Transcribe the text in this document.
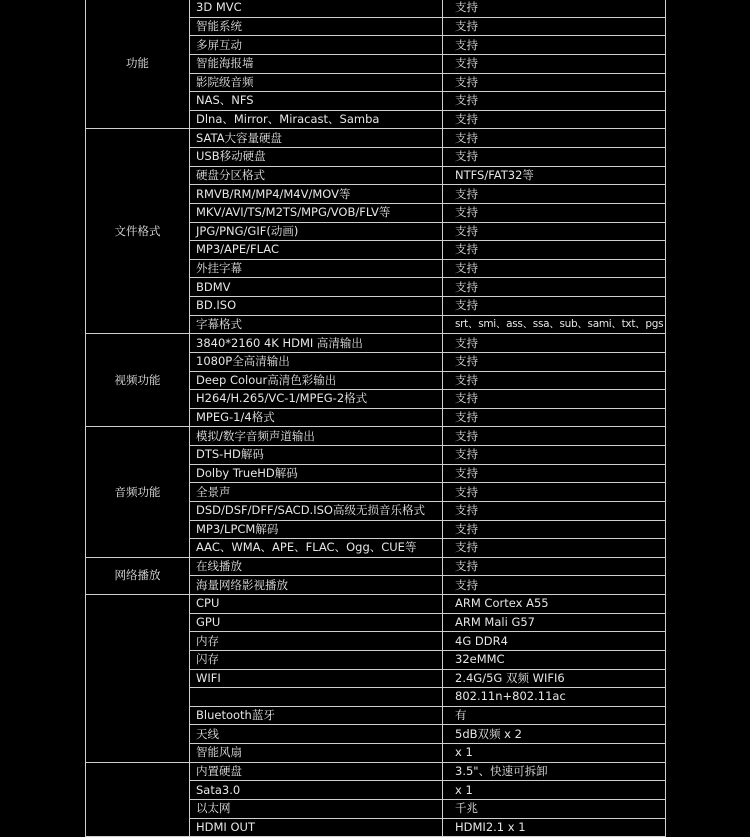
功能	3D MVC	支持
	智能系统	支持
	多屏互动	支持
	智能海报墙	支持
	影院级音频	支持
	NAS、NFS	支持
	Dlna、Mirror、Miracast、Samba	支持
文件格式	SATA大容量硬盘	支持
	USB移动硬盘	支持
	硬盘分区格式	NTFS/FAT32等
	RMVB/RM/MP4/M4V/MOV等	支持
	MKV/AVI/TS/M2TS/MPG/VOB/FLV等	支持
	JPG/PNG/GIF(动画)	支持
	MP3/APE/FLAC	支持
	外挂字幕	支持
	BDMV	支持
	BD.ISO	支持
	字幕格式	srt、smi、ass、ssa、sub、sami、txt、pgs
视频功能	3840*2160 4K HDMI 高清输出	支持
	1080P全高清输出	支持
	Deep Colour高清色彩输出	支持
	H264/H.265/VC-1/MPEG-2格式	支持
	MPEG-1/4格式	支持
音频功能	模拟/数字音频声道输出	支持
	DTS-HD解码	支持
	Dolby TrueHD解码	支持
	全景声	支持
	DSD/DSF/DFF/SACD.ISO高级无损音乐格式	支持
	MP3/LPCM解码	支持
	AAC、WMA、APE、FLAC、Ogg、CUE等	支持
网络播放	在线播放	支持
	海量网络影视播放	支持
	CPU	ARM Cortex A55
	GPU	ARM Mali G57
	内存	4G DDR4
	闪存	32eMMC
	WIFI	2.4G/5G 双频 WIFI6
		802.11n+802.11ac
	Bluetooth蓝牙	有
	天线	5dB双频 x 2
	智能风扇	x 1
	内置硬盘	3.5"、快速可拆卸
	Sata3.0	x 1
	以太网	千兆
	HDMI OUT	HDMI2.1 x 1
